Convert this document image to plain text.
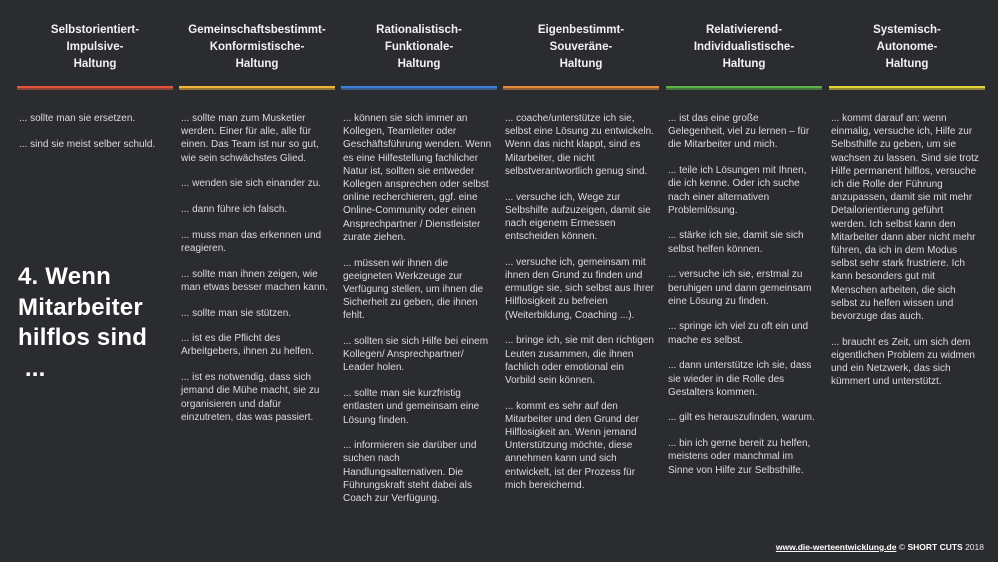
4. Wenn
Mitarbeiter
hilflos sind
...
Selbstorientiert-
Impulsive-
Haltung

... sollte man sie ersetzen.

... sind sie meist selber schuld.

Gemeinschaftsbestimmt-
Konformistische-
Haltung

... sollte man zum Musketier werden. Einer für alle, alle für einen. Das Team ist nur so gut, wie sein schwächstes Glied.

... wenden sie sich einander zu.

... dann führe ich falsch.

... muss man das erkennen und reagieren.

... sollte man ihnen zeigen, wie man etwas besser machen kann.

... sollte man sie stützen.

... ist es die Pflicht des Arbeitgebers, ihnen zu helfen.

... ist es notwendig, dass sich jemand die Mühe macht, sie zu organisieren und dafür einzutreten, das was passiert.

Rationalistisch-
Funktionale-
Haltung

... können sie sich immer an Kollegen, Teamleiter oder Geschäftsführung wenden. Wenn es eine Hilfestellung fachlicher Natur ist, sollten sie entweder Kollegen ansprechen oder selbst online recherchieren, ggf. eine Online-Community oder einen Ansprechpartner / Dienstleister zurate ziehen.

... müssen wir ihnen die geeigneten Werkzeuge zur Verfügung stellen, um ihnen die Sicherheit zu geben, die ihnen fehlt.

... sollten sie sich Hilfe bei einem Kollegen/ Ansprechpartner/ Leader holen.

... sollte man sie kurzfristig entlasten und gemeinsam eine Lösung finden.

... informieren sie darüber und suchen nach Handlungsalternativen. Die Führungskraft steht dabei als Coach zur Verfügung.

Eigenbestimmt-
Souveräne-
Haltung

... coache/unterstütze ich sie, selbst eine Lösung zu entwickeln. Wenn das nicht klappt, sind es Mitarbeiter, die nicht selbstverantwortlich genug sind.

... versuche ich, Wege zur Selbshilfe aufzuzeigen, damit sie nach eigenem Ermessen entscheiden können.

... versuche ich, gemeinsam mit ihnen den Grund zu finden und ermutige sie, sich selbst aus Ihrer Hilflosigkeit zu befreien (Weiterbildung, Coaching ...).

... bringe ich, sie mit den richtigen Leuten zusammen, die ihnen fachlich oder emotional ein Vorbild sein können.

... kommt es sehr auf den Mitarbeiter und den Grund der Hilflosigkeit an. Wenn jemand Unterstützung möchte, diese annehmen kann und sich entwickelt, ist der Prozess für mich bereichernd.

Relativierend-
Individualistische-
Haltung

... ist das eine große Gelegenheit, viel zu lernen – für die Mitarbeiter und mich.

... teile ich Lösungen mit Ihnen, die ich kenne. Oder ich suche nach einer alternativen Problemlösung.

... stärke ich sie, damit sie sich selbst helfen können.

... versuche ich sie, erstmal zu beruhigen und dann gemeinsam eine Lösung zu finden.

... springe ich viel zu oft ein und mache es selbst.

... dann unterstütze ich sie, dass sie wieder in die Rolle des Gestalters kommen.

... gilt es herauszufinden, warum.

... bin ich gerne bereit zu helfen, meistens oder manchmal im Sinne von Hilfe zur Selbsthilfe.

Systemisch-
Autonome-
Haltung

... kommt darauf an: wenn einmalig, versuche ich, Hilfe zur Selbsthilfe zu geben, um sie wachsen zu lassen. Sind sie trotz Hilfe permanent hilflos, versuche ich die Rolle der Führung anzupassen, damit sie mit mehr Detailorientierung geführt werden. Ich selbst kann den Mitarbeiter dann aber nicht mehr führen, da ich in dem Modus selbst sehr stark frustriere. Ich kann besonders gut mit Menschen arbeiten, die sich selbst zu helfen wissen und bevorzuge das auch.

... braucht es Zeit, um sich dem eigentlichen Problem zu widmen und ein Netzwerk, das sich kümmert und unterstützt.

www.die-werteentwicklung.de © SHORT CUTS 2018
